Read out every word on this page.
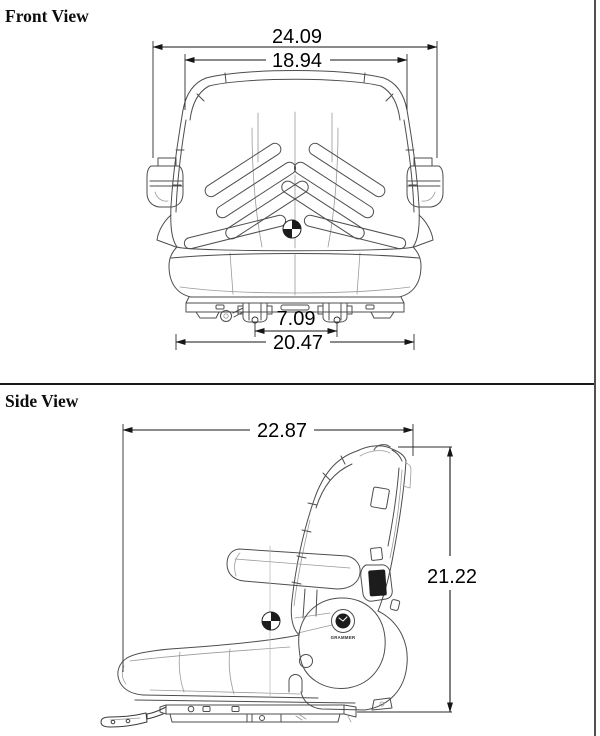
Front View
24.09
18.94
7.09
20.47
Side View
GRAMMER
22.87
21.22
